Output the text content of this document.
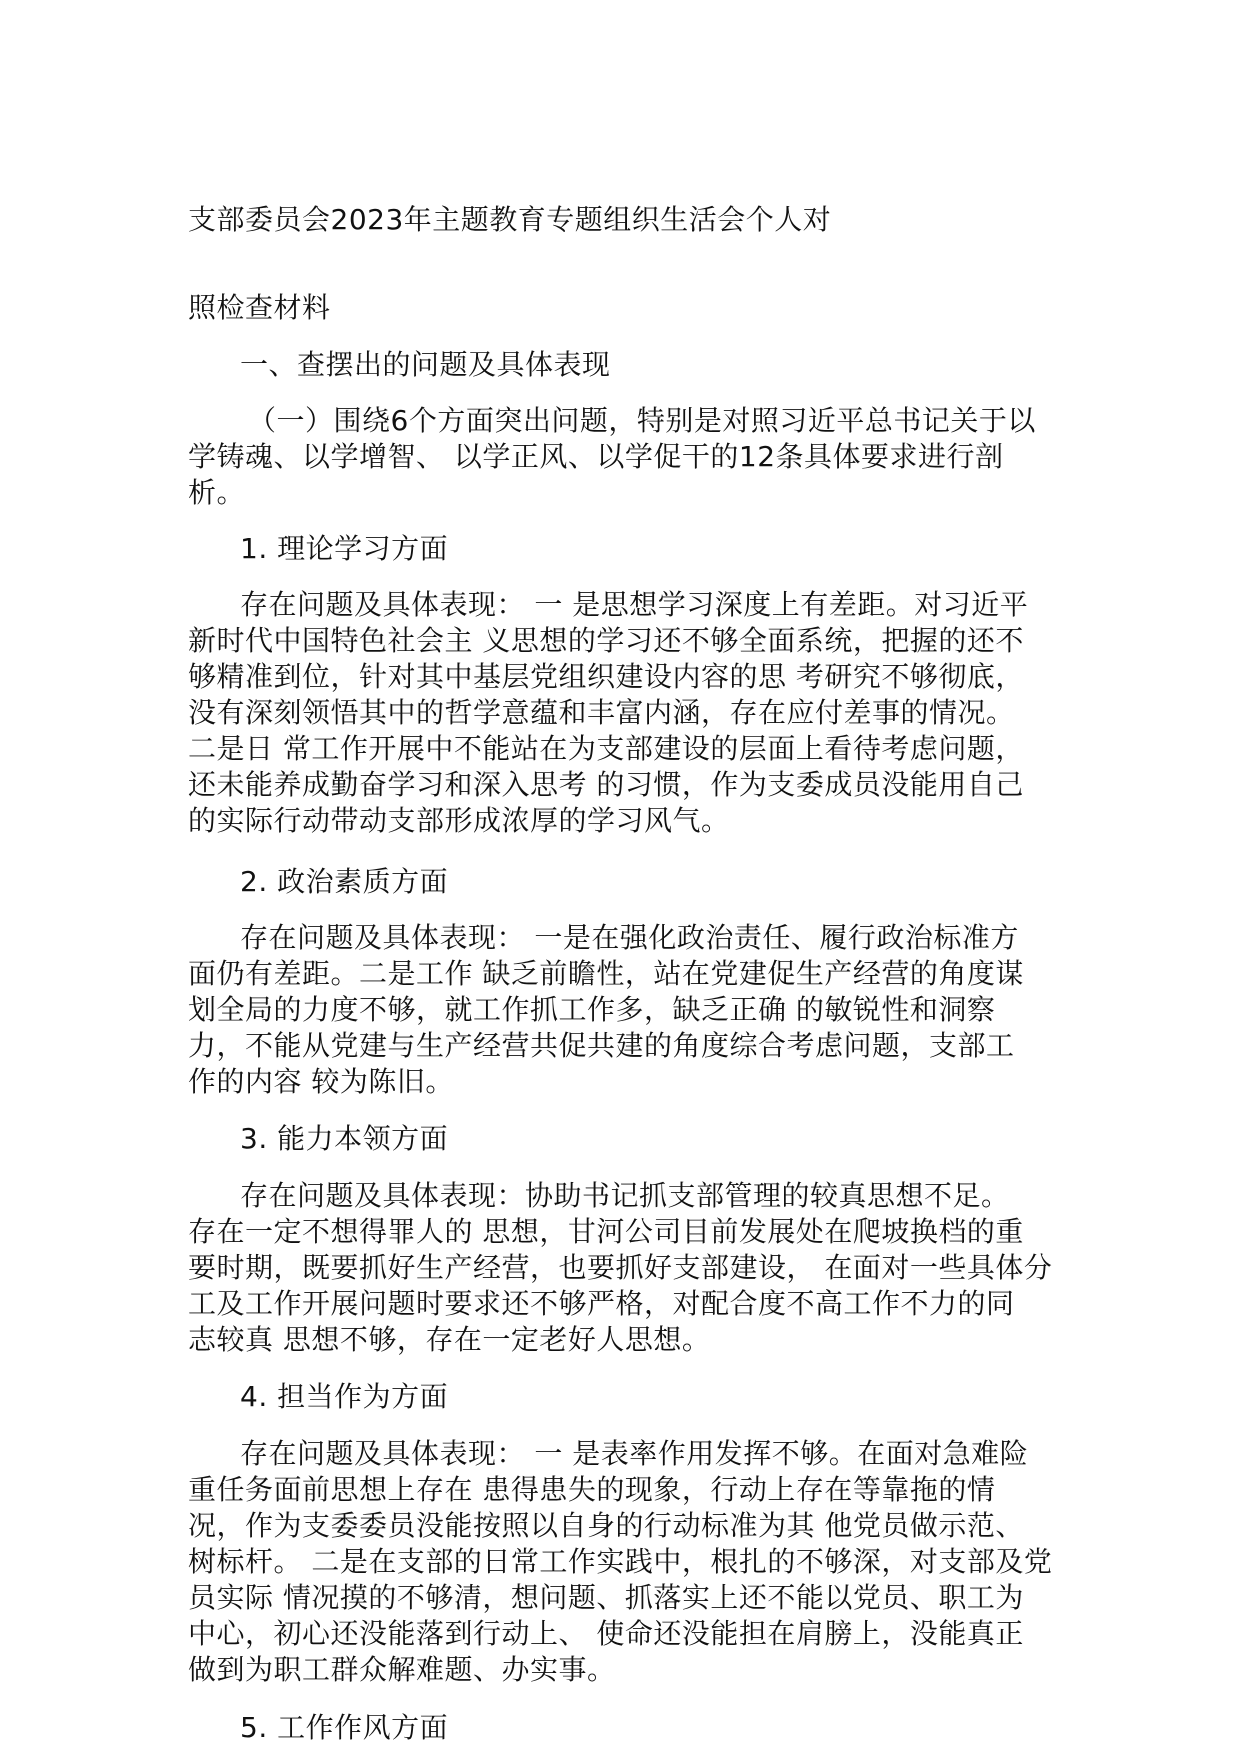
支部委员会2023年主题教育专题组织生活会个人对
照检查材料
一、查摆出的问题及具体表现
（一）围绕6个方面突出问题，特别是对照习近平总书记关于以
学铸魂、以学增智、 以学正风、以学促干的12条具体要求进行剖
析。
1. 理论学习方面
存在问题及具体表现： 一 是思想学习深度上有差距。对习近平
新时代中国特色社会主 义思想的学习还不够全面系统，把握的还不
够精准到位，针对其中基层党组织建设内容的思 考研究不够彻底，
没有深刻领悟其中的哲学意蕴和丰富内涵，存在应付差事的情况。
二是日 常工作开展中不能站在为支部建设的层面上看待考虑问题，
还未能养成勤奋学习和深入思考 的习惯，作为支委成员没能用自己
的实际行动带动支部形成浓厚的学习风气。
2. 政治素质方面
存在问题及具体表现： 一是在强化政治责任、履行政治标准方
面仍有差距。二是工作 缺乏前瞻性，站在党建促生产经营的角度谋
划全局的力度不够，就工作抓工作多，缺乏正确 的敏锐性和洞察
力，不能从党建与生产经营共促共建的角度综合考虑问题，支部工
作的内容 较为陈旧。
3. 能力本领方面
存在问题及具体表现：协助书记抓支部管理的较真思想不足。
存在一定不想得罪人的 思想，甘河公司目前发展处在爬坡换档的重
要时期，既要抓好生产经营，也要抓好支部建设， 在面对一些具体分
工及工作开展问题时要求还不够严格，对配合度不高工作不力的同
志较真 思想不够，存在一定老好人思想。
4. 担当作为方面
存在问题及具体表现： 一 是表率作用发挥不够。在面对急难险
重任务面前思想上存在 患得患失的现象，行动上存在等靠拖的情
况，作为支委委员没能按照以自身的行动标准为其 他党员做示范、
树标杆。 二是在支部的日常工作实践中，根扎的不够深，对支部及党
员实际 情况摸的不够清，想问题、抓落实上还不能以党员、职工为
中心，初心还没能落到行动上、 使命还没能担在肩膀上，没能真正
做到为职工群众解难题、办实事。
5. 工作作风方面
